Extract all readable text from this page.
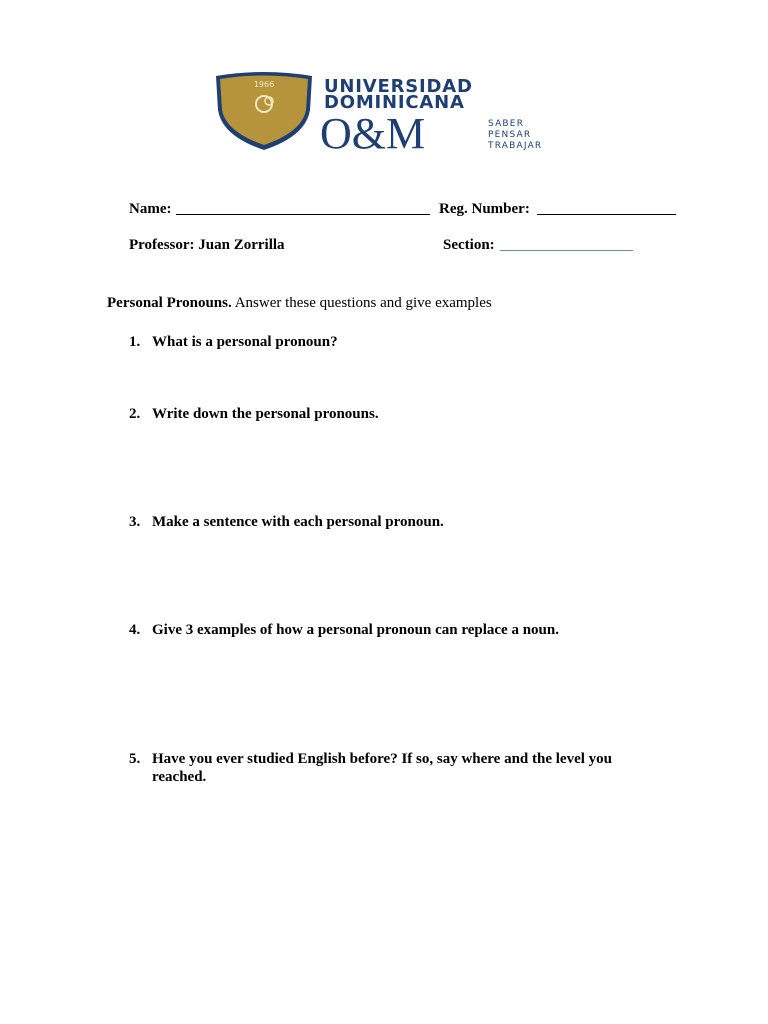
1966	UNIVERSIDAD
DOMINICANA
O&M	SABER
PENSAR
TRABAJAR
Name:	Reg. Number:
Professor: Juan Zorrilla	Section:
Personal Pronouns. Answer these questions and give examples
1. What is a personal pronoun?
2. Write down the personal pronouns.
3. Make a sentence with each personal pronoun.
4. Give 3 examples of how a personal pronoun can replace a noun.
5. Have you ever studied English before? If so, say where and the level you reached.
